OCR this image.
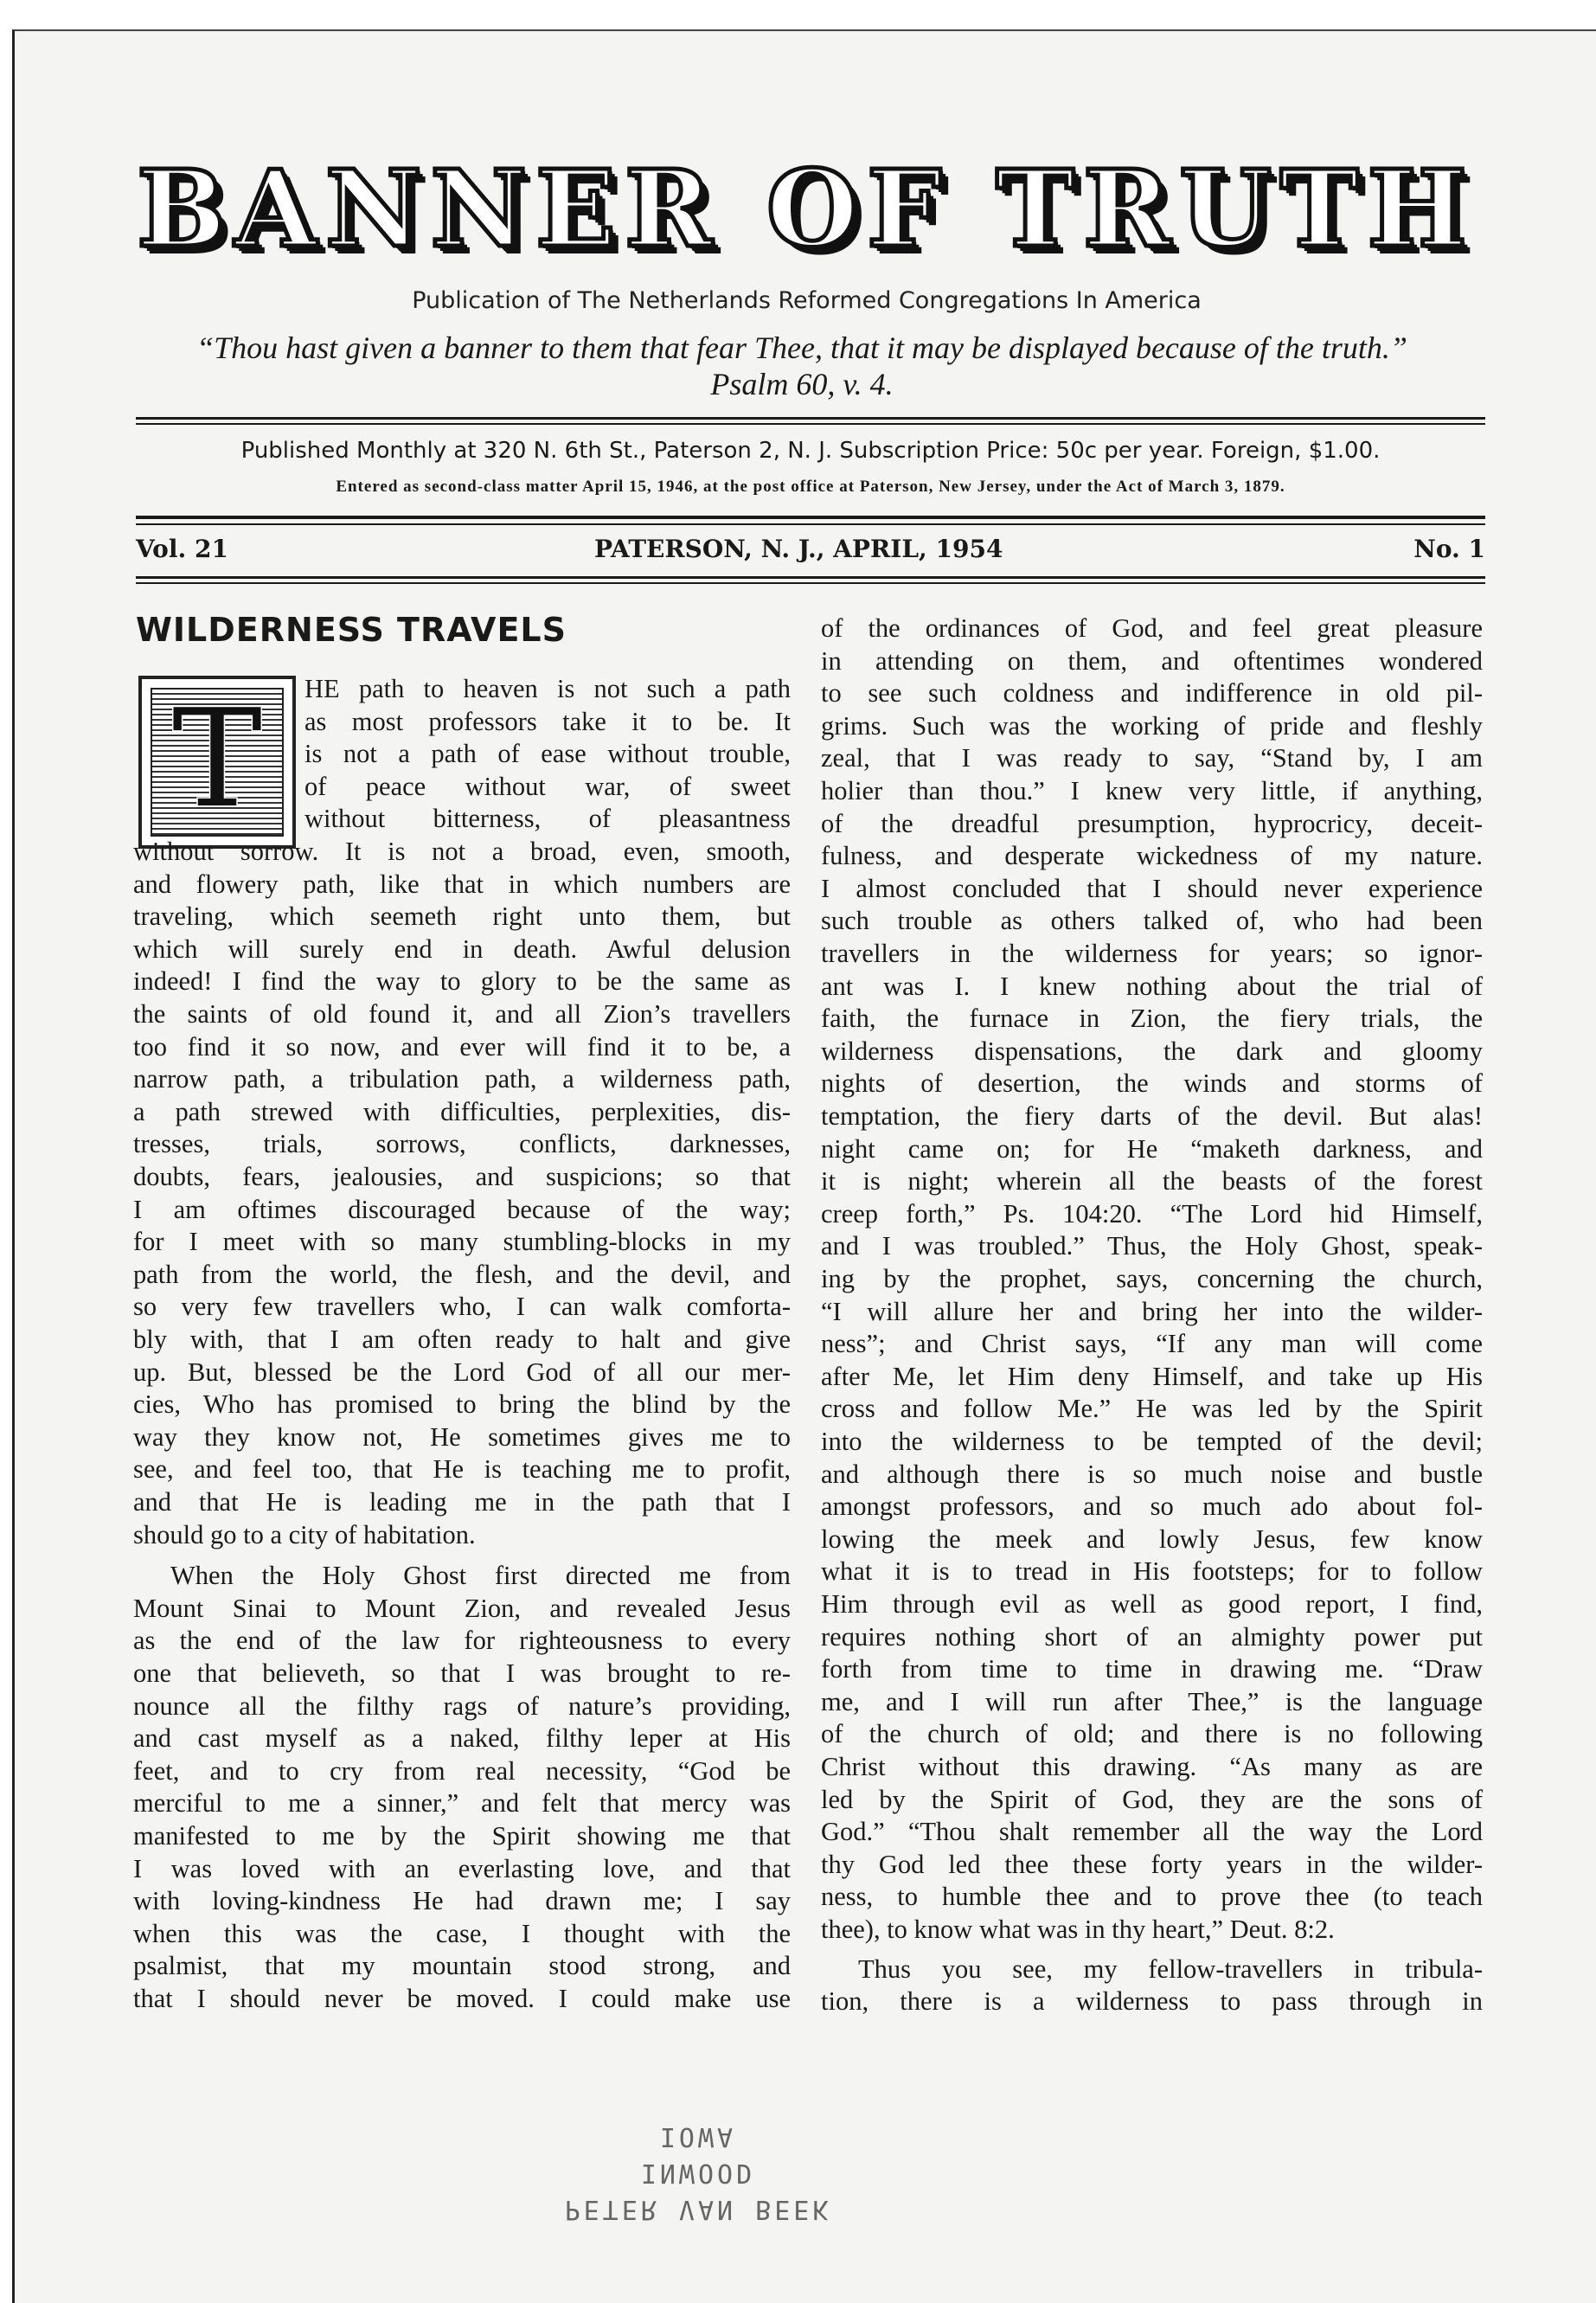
BANNER OF TRUTH
Publication of The Netherlands Reformed Congregations In America
“Thou hast given a banner to them that fear Thee, that it may be displayed because of the truth.”
Psalm 60, v. 4.
Published Monthly at 320 N. 6th St., Paterson 2, N. J. Subscription Price: 50c per year. Foreign, $1.00.
Entered as second-class matter April 15, 1946, at the post office at Paterson, New Jersey, under the Act of March 3, 1879.
Vol. 21	PATERSON, N. J., APRIL, 1954	No. 1
WILDERNESS TRAVELS
T	HE path to heaven is not such a path
as most professors take it to be. It
is not a path of ease without trouble,
of peace without war, of sweet
without bitterness, of pleasantness
without sorrow. It is not a broad, even, smooth,
and flowery path, like that in which numbers are
traveling, which seemeth right unto them, but
which will surely end in death. Awful delusion
indeed! I find the way to glory to be the same as
the saints of old found it, and all Zion’s travellers
too find it so now, and ever will find it to be, a
narrow path, a tribulation path, a wilderness path,
a path strewed with difficulties, perplexities, dis-
tresses, trials, sorrows, conflicts, darknesses,
doubts, fears, jealousies, and suspicions; so that
I am oftimes discouraged because of the way;
for I meet with so many stumbling-blocks in my
path from the world, the flesh, and the devil, and
so very few travellers who, I can walk comforta-
bly with, that I am often ready to halt and give
up. But, blessed be the Lord God of all our mer-
cies, Who has promised to bring the blind by the
way they know not, He sometimes gives me to
see, and feel too, that He is teaching me to profit,
and that He is leading me in the path that I
should go to a city of habitation.
When the Holy Ghost first directed me from
Mount Sinai to Mount Zion, and revealed Jesus
as the end of the law for righteousness to every
one that believeth, so that I was brought to re-
nounce all the filthy rags of nature’s providing,
and cast myself as a naked, filthy leper at His
feet, and to cry from real necessity, “God be
merciful to me a sinner,” and felt that mercy was
manifested to me by the Spirit showing me that
I was loved with an everlasting love, and that
with loving-kindness He had drawn me; I say
when this was the case, I thought with the
psalmist, that my mountain stood strong, and
that I should never be moved. I could make use
of the ordinances of God, and feel great pleasure
in attending on them, and oftentimes wondered
to see such coldness and indifference in old pil-
grims. Such was the working of pride and fleshly
zeal, that I was ready to say, “Stand by, I am
holier than thou.” I knew very little, if anything,
of the dreadful presumption, hyprocricy, deceit-
fulness, and desperate wickedness of my nature.
I almost concluded that I should never experience
such trouble as others talked of, who had been
travellers in the wilderness for years; so ignor-
ant was I. I knew nothing about the trial of
faith, the furnace in Zion, the fiery trials, the
wilderness dispensations, the dark and gloomy
nights of desertion, the winds and storms of
temptation, the fiery darts of the devil. But alas!
night came on; for He “maketh darkness, and
it is night; wherein all the beasts of the forest
creep forth,” Ps. 104:20. “The Lord hid Himself,
and I was troubled.” Thus, the Holy Ghost, speak-
ing by the prophet, says, concerning the church,
“I will allure her and bring her into the wilder-
ness”; and Christ says, “If any man will come
after Me, let Him deny Himself, and take up His
cross and follow Me.” He was led by the Spirit
into the wilderness to be tempted of the devil;
and although there is so much noise and bustle
amongst professors, and so much ado about fol-
lowing the meek and lowly Jesus, few know
what it is to tread in His footsteps; for to follow
Him through evil as well as good report, I find,
requires nothing short of an almighty power put
forth from time to time in drawing me. “Draw
me, and I will run after Thee,” is the language
of the church of old; and there is no following
Christ without this drawing. “As many as are
led by the Spirit of God, they are the sons of
God.” “Thou shalt remember all the way the Lord
thy God led thee these forty years in the wilder-
ness, to humble thee and to prove thee (to teach
thee), to know what was in thy heart,” Deut. 8:2.
Thus you see, my fellow-travellers in tribula-
tion, there is a wilderness to pass through in
IOWA
INWOOD
PETER VAN BEEK
